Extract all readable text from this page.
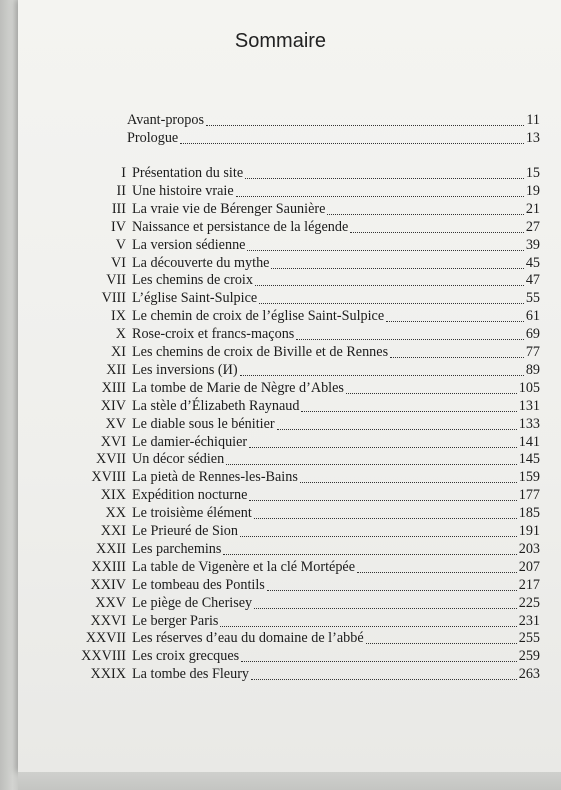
Sommaire
Avant-propos	11
Prologue	13
I Présentation du site	15
II Une histoire vraie	19
III La vraie vie de Bérenger Saunière	21
IV Naissance et persistance de la légende	27
V La version sédienne	39
VI La découverte du mythe	45
VII Les chemins de croix	47
VIII L’église Saint-Sulpice	55
IX Le chemin de croix de l’église Saint-Sulpice	61
X Rose-croix et francs-maçons	69
XI Les chemins de croix de Biville et de Rennes	77
XII Les inversions (И)	89
XIII La tombe de Marie de Nègre d’Ables	105
XIV La stèle d’Élizabeth Raynaud	131
XV Le diable sous le bénitier	133
XVI Le damier-échiquier	141
XVII Un décor sédien	145
XVIII La pietà de Rennes-les-Bains	159
XIX Expédition nocturne	177
XX Le troisième élément	185
XXI Le Prieuré de Sion	191
XXII Les parchemins	203
XXIII La table de Vigenère et la clé Mortépée	207
XXIV Le tombeau des Pontils	217
XXV Le piège de Cherisey	225
XXVI Le berger Paris	231
XXVII Les réserves d’eau du domaine de l’abbé	255
XXVIII Les croix grecques	259
XXIX La tombe des Fleury	263
